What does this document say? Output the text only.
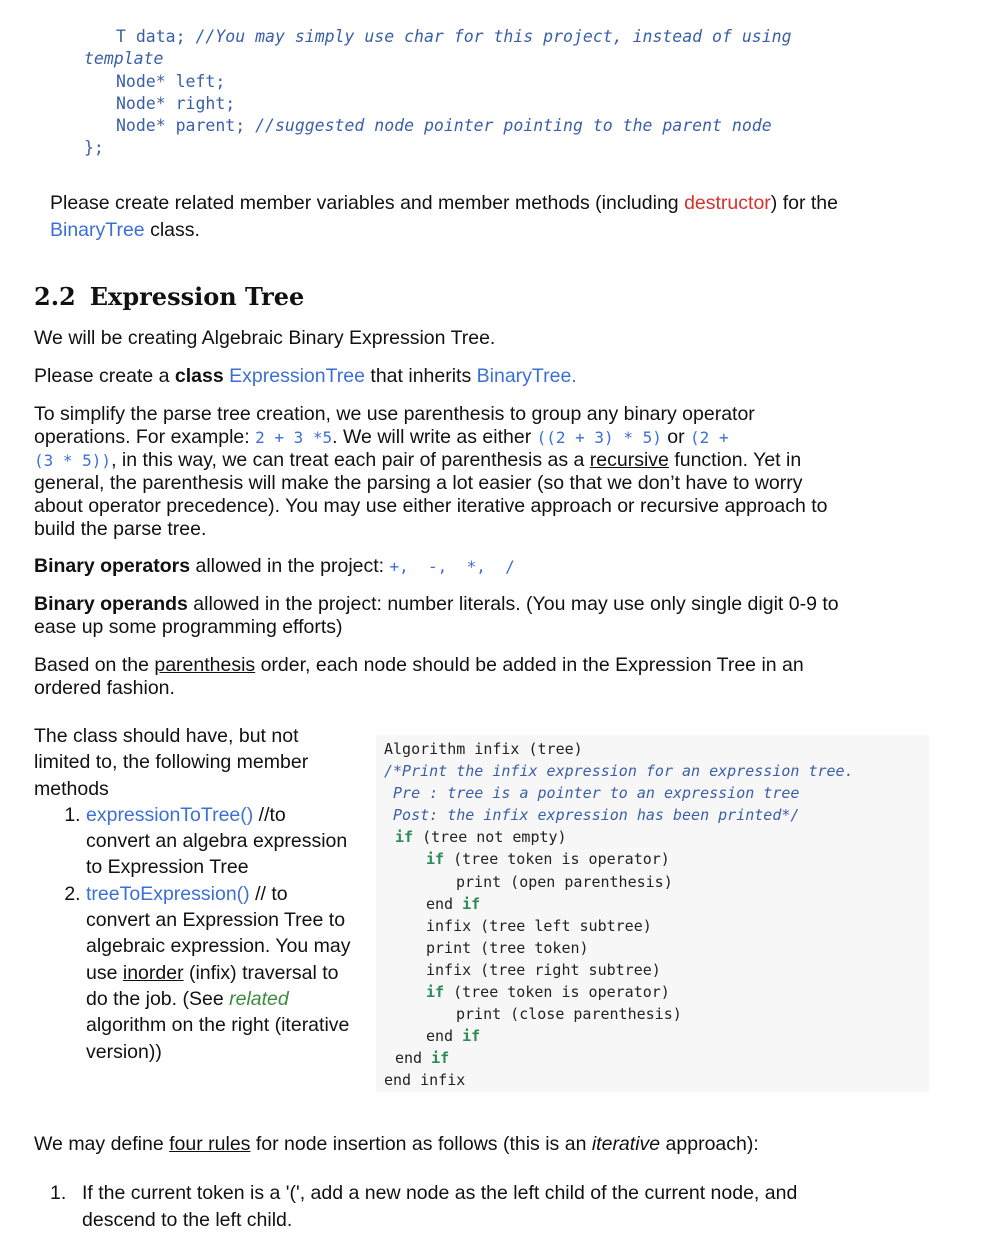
T data; //You may simply use char for this project, instead of using
template
Node* left;
Node* right;
Node* parent; //suggested node pointer pointing to the parent node
};
Please create related member variables and member methods (including destructor) for the
BinaryTree class.
2.2 Expression Tree
We will be creating Algebraic Binary Expression Tree.
Please create a class ExpressionTree that inherits BinaryTree.
To simplify the parse tree creation, we use parenthesis to group any binary operator
operations. For example: 2 + 3 *5. We will write as either ((2 + 3) * 5) or (2 +
(3 * 5)), in this way, we can treat each pair of parenthesis as a recursive function. Yet in
general, the parenthesis will make the parsing a lot easier (so that we don’t have to worry
about operator precedence). You may use either iterative approach or recursive approach to
build the parse tree.
Binary operators allowed in the project: +,  -,  *,  /
Binary operands allowed in the project: number literals. (You may use only single digit 0-9 to
ease up some programming efforts)
Based on the parenthesis order, each node should be added in the Expression Tree in an
ordered fashion.
The class should have, but not
limited to, the following member
methods
1. expressionToTree() //to convert an algebra expression to Expression Tree
2. treeToExpression() // to convert an Expression Tree to algebraic expression. You may use inorder (infix) traversal to do the job. (See related algorithm on the right (iterative version))
Algorithm infix (tree)
/*Print the infix expression for an expression tree.
Pre : tree is a pointer to an expression tree
Post: the infix expression has been printed*/
if (tree not empty)
if (tree token is operator)
print (open parenthesis)
end if
infix (tree left subtree)
print (tree token)
infix (tree right subtree)
if (tree token is operator)
print (close parenthesis)
end if
end if
end infix
We may define four rules for node insertion as follows (this is an iterative approach):
1. If the current token is a '(', add a new node as the left child of the current node, and
descend to the left child.
